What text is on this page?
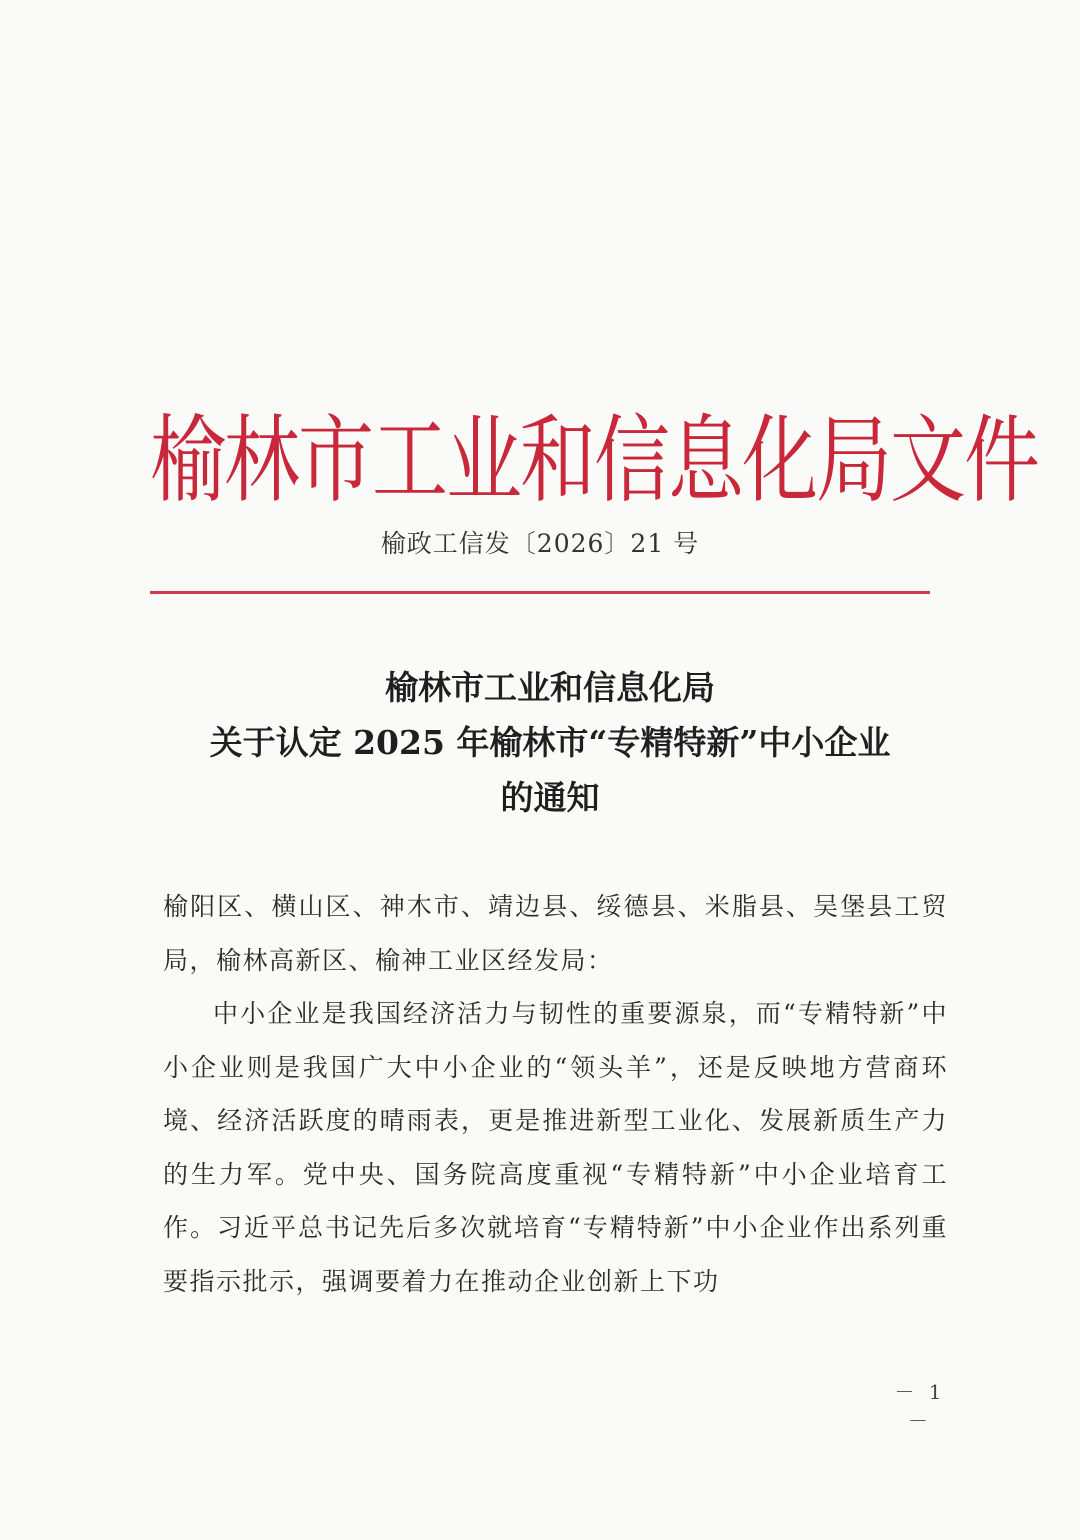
榆林市工业和信息化局文件
榆政工信发〔2026〕21 号
榆林市工业和信息化局
关于认定 2025 年榆林市“专精特新”中小企业
的通知

榆阳区、横山区、神木市、靖边县、绥德县、米脂县、吴堡县工贸局，榆林高新区、榆神工业区经发局：

中小企业是我国经济活力与韧性的重要源泉，而“专精特新”中小企业则是我国广大中小企业的“领头羊”，还是反映地方营商环境、经济活跃度的晴雨表，更是推进新型工业化、发展新质生产力的生力军。党中央、国务院高度重视“专精特新”中小企业培育工作。习近平总书记先后多次就培育“专精特新”中小企业作出系列重要指示批示，强调要着力在推动企业创新上下功

－ 1 －
